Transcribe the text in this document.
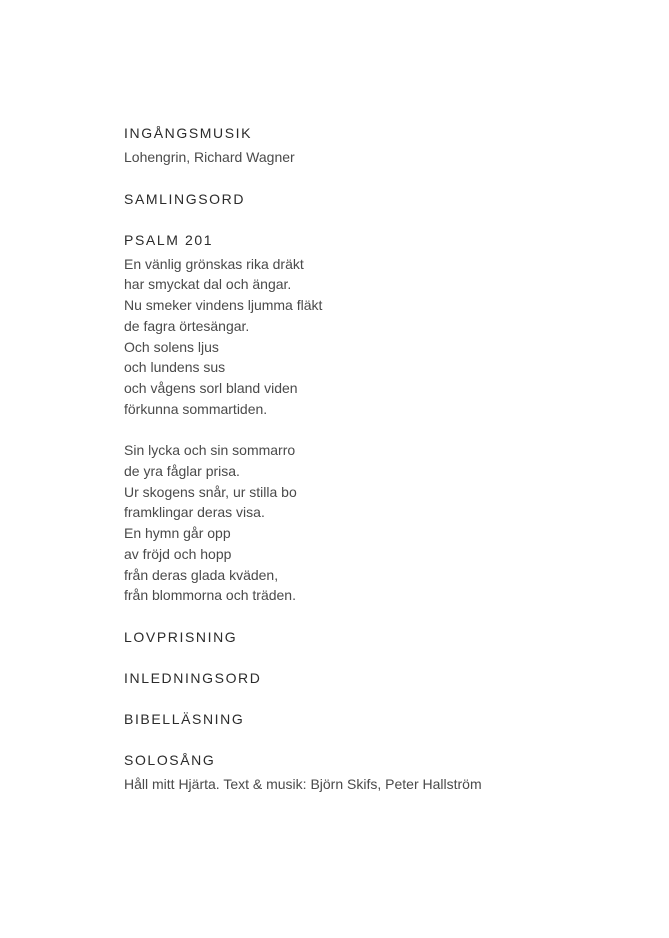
INGÅNGSMUSIK

Lohengrin, Richard Wagner

SAMLINGSORD
PSALM 201
En vänlig grönskas rika dräkt
har smyckat dal och ängar.
Nu smeker vindens ljumma fläkt
de fagra örtesängar.
Och solens ljus
och lundens sus
och vågens sorl bland viden
förkunna sommartiden.
Sin lycka och sin sommarro
de yra fåglar prisa.
Ur skogens snår, ur stilla bo
framklingar deras visa.
En hymn går opp
av fröjd och hopp
från deras glada kväden,
från blommorna och träden.
LOVPRISNING
INLEDNINGSORD
BIBELLÄSNING
SOLOSÅNG

Håll mitt Hjärta. Text & musik: Björn Skifs, Peter Hallström
